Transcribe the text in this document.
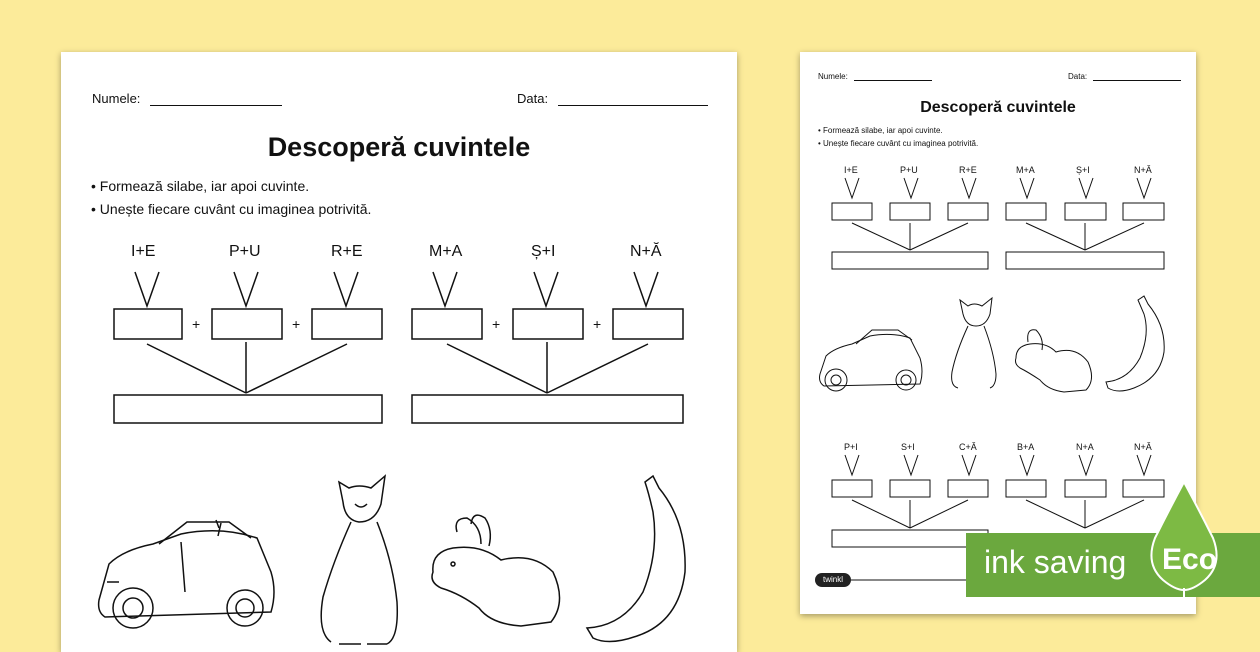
Numele:	Data:
Descoperă cuvintele
• Formează silabe, iar apoi cuvinte.
• Unește fiecare cuvânt cu imaginea potrivită.
I+E	P+U	R+E	M+A	Ș+I	N+Ă
+	+	+	+
Numele:	Data:
Descoperă cuvintele
• Formează silabe, iar apoi cuvinte.
• Unește fiecare cuvânt cu imaginea potrivită.
I+E	P+U	R+E	M+A	Ș+I	N+Ă
P+I	S+I	C+Ă	B+A	N+A	N+Ă
twinkl	ink saving Eco
